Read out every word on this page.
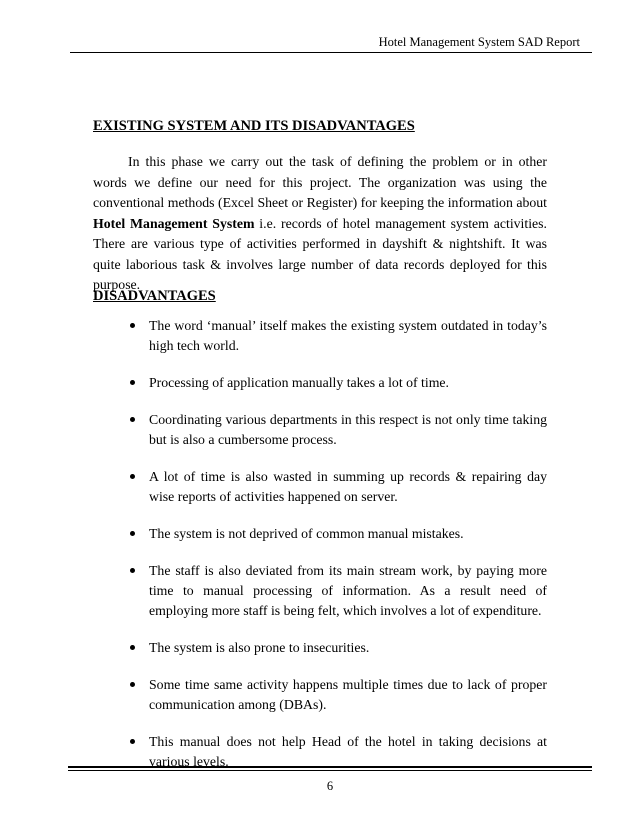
Hotel Management System SAD Report
EXISTING SYSTEM AND ITS DISADVANTAGES

In this phase we carry out the task of defining the problem or in other words we define our need for this project. The organization was using the conventional methods (Excel Sheet or Register) for keeping the information about Hotel Management System i.e. records of hotel management system activities. There are various type of activities performed in dayshift & nightshift. It was quite laborious task & involves large number of data records deployed for this purpose.

DISADVANTAGES
The word ‘manual’ itself makes the existing system outdated in today’s high tech world.
Processing of application manually takes a lot of time.
Coordinating various departments in this respect is not only time taking but is also a cumbersome process.
A lot of time is also wasted in summing up records & repairing day wise reports of activities happened on server.
The system is not deprived of common manual mistakes.
The staff is also deviated from its main stream work, by paying more time to manual processing of information. As a result need of employing more staff is being felt, which involves a lot of expenditure.
The system is also prone to insecurities.
Some time same activity happens multiple times due to lack of proper communication among (DBAs).
This manual does not help Head of the hotel in taking decisions at various levels.
6
